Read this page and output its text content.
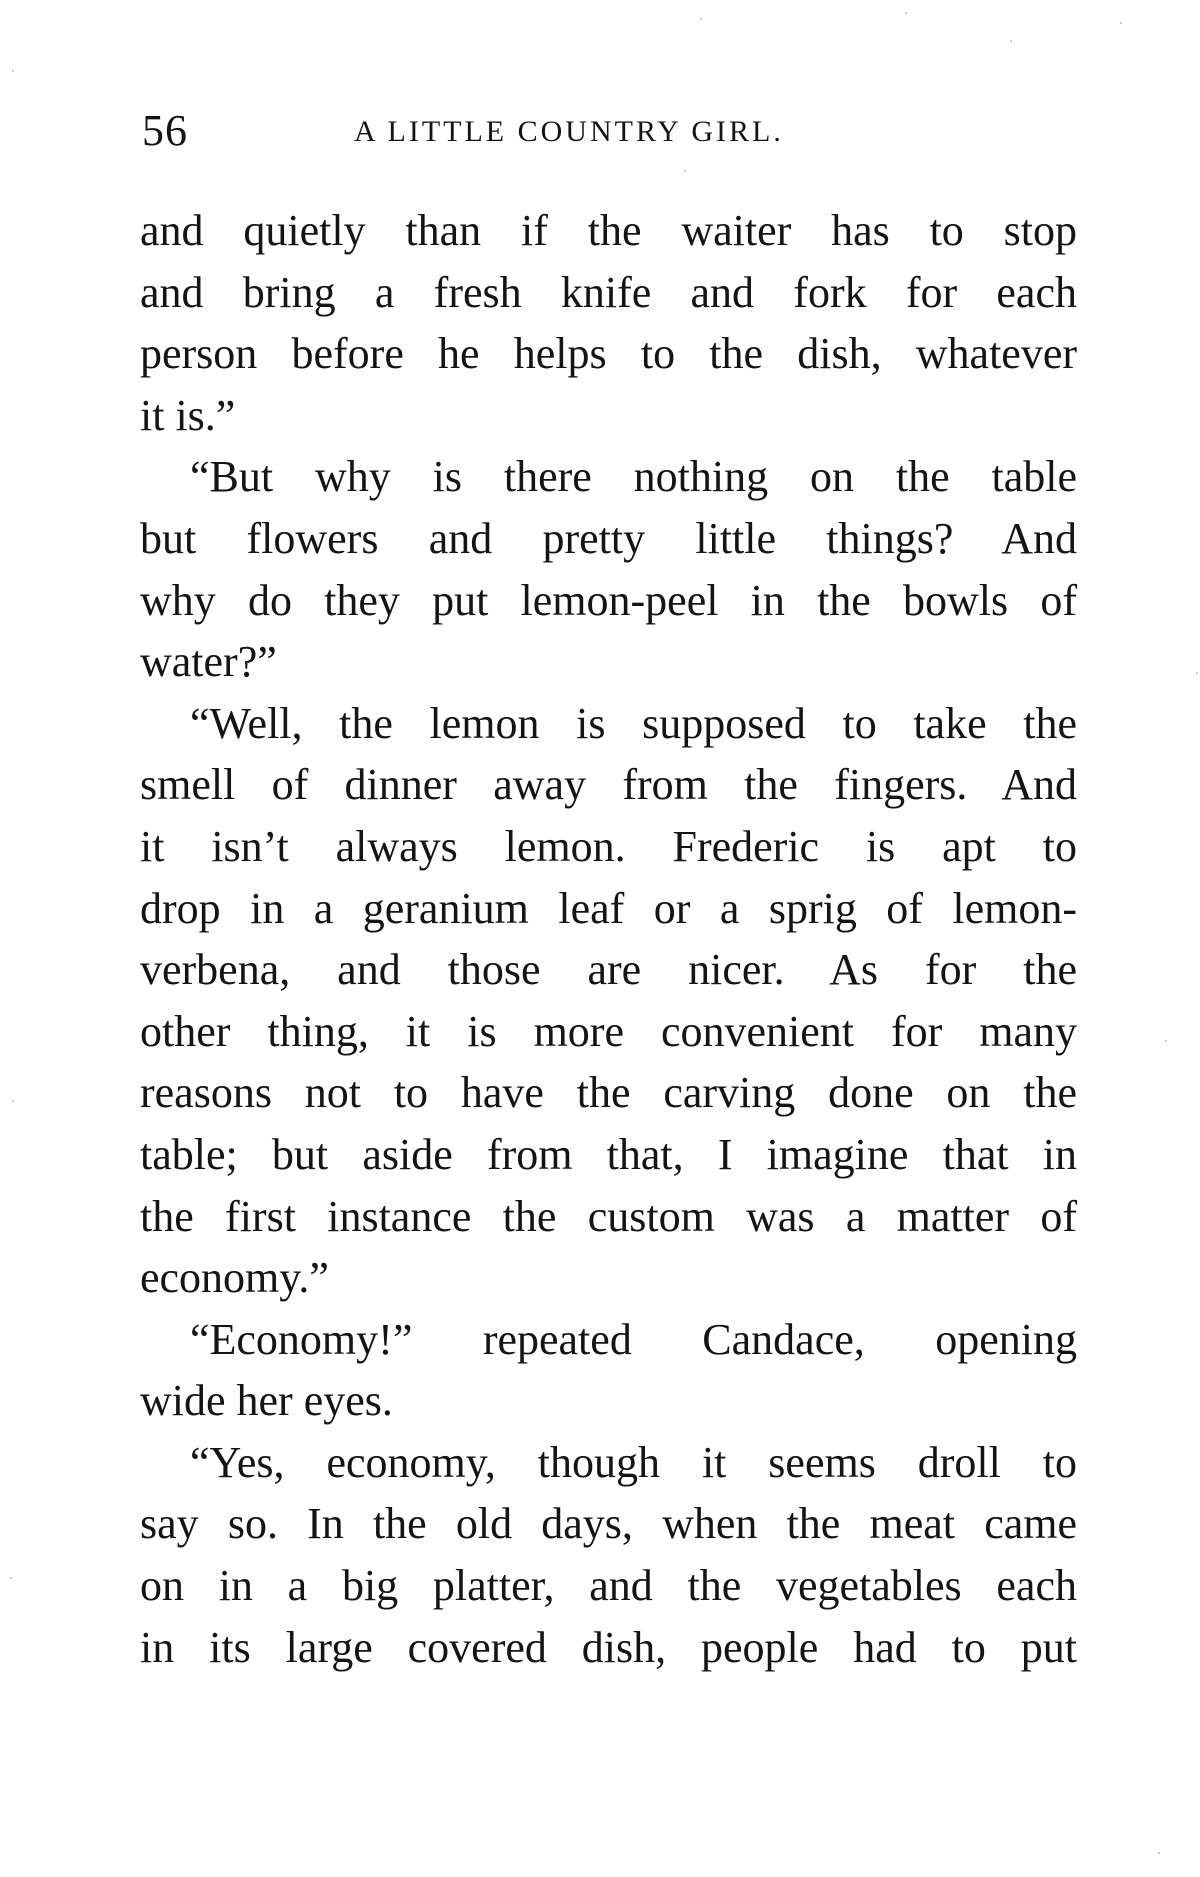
56	A LITTLE COUNTRY GIRL.
and quietly than if the waiter has to stop
and bring a fresh knife and fork for each
person before he helps to the dish, whatever
it is.”
“But why is there nothing on the table
but flowers and pretty little things? And
why do they put lemon-peel in the bowls of
water?”
“Well, the lemon is supposed to take the
smell of dinner away from the fingers. And
it isn’t always lemon. Frederic is apt to
drop in a geranium leaf or a sprig of lemon-
verbena, and those are nicer. As for the
other thing, it is more convenient for many
reasons not to have the carving done on the
table; but aside from that, I imagine that in
the first instance the custom was a matter of
economy.”
“Economy!” repeated Candace, opening
wide her eyes.
“Yes, economy, though it seems droll to
say so. In the old days, when the meat came
on in a big platter, and the vegetables each
in its large covered dish, people had to put
